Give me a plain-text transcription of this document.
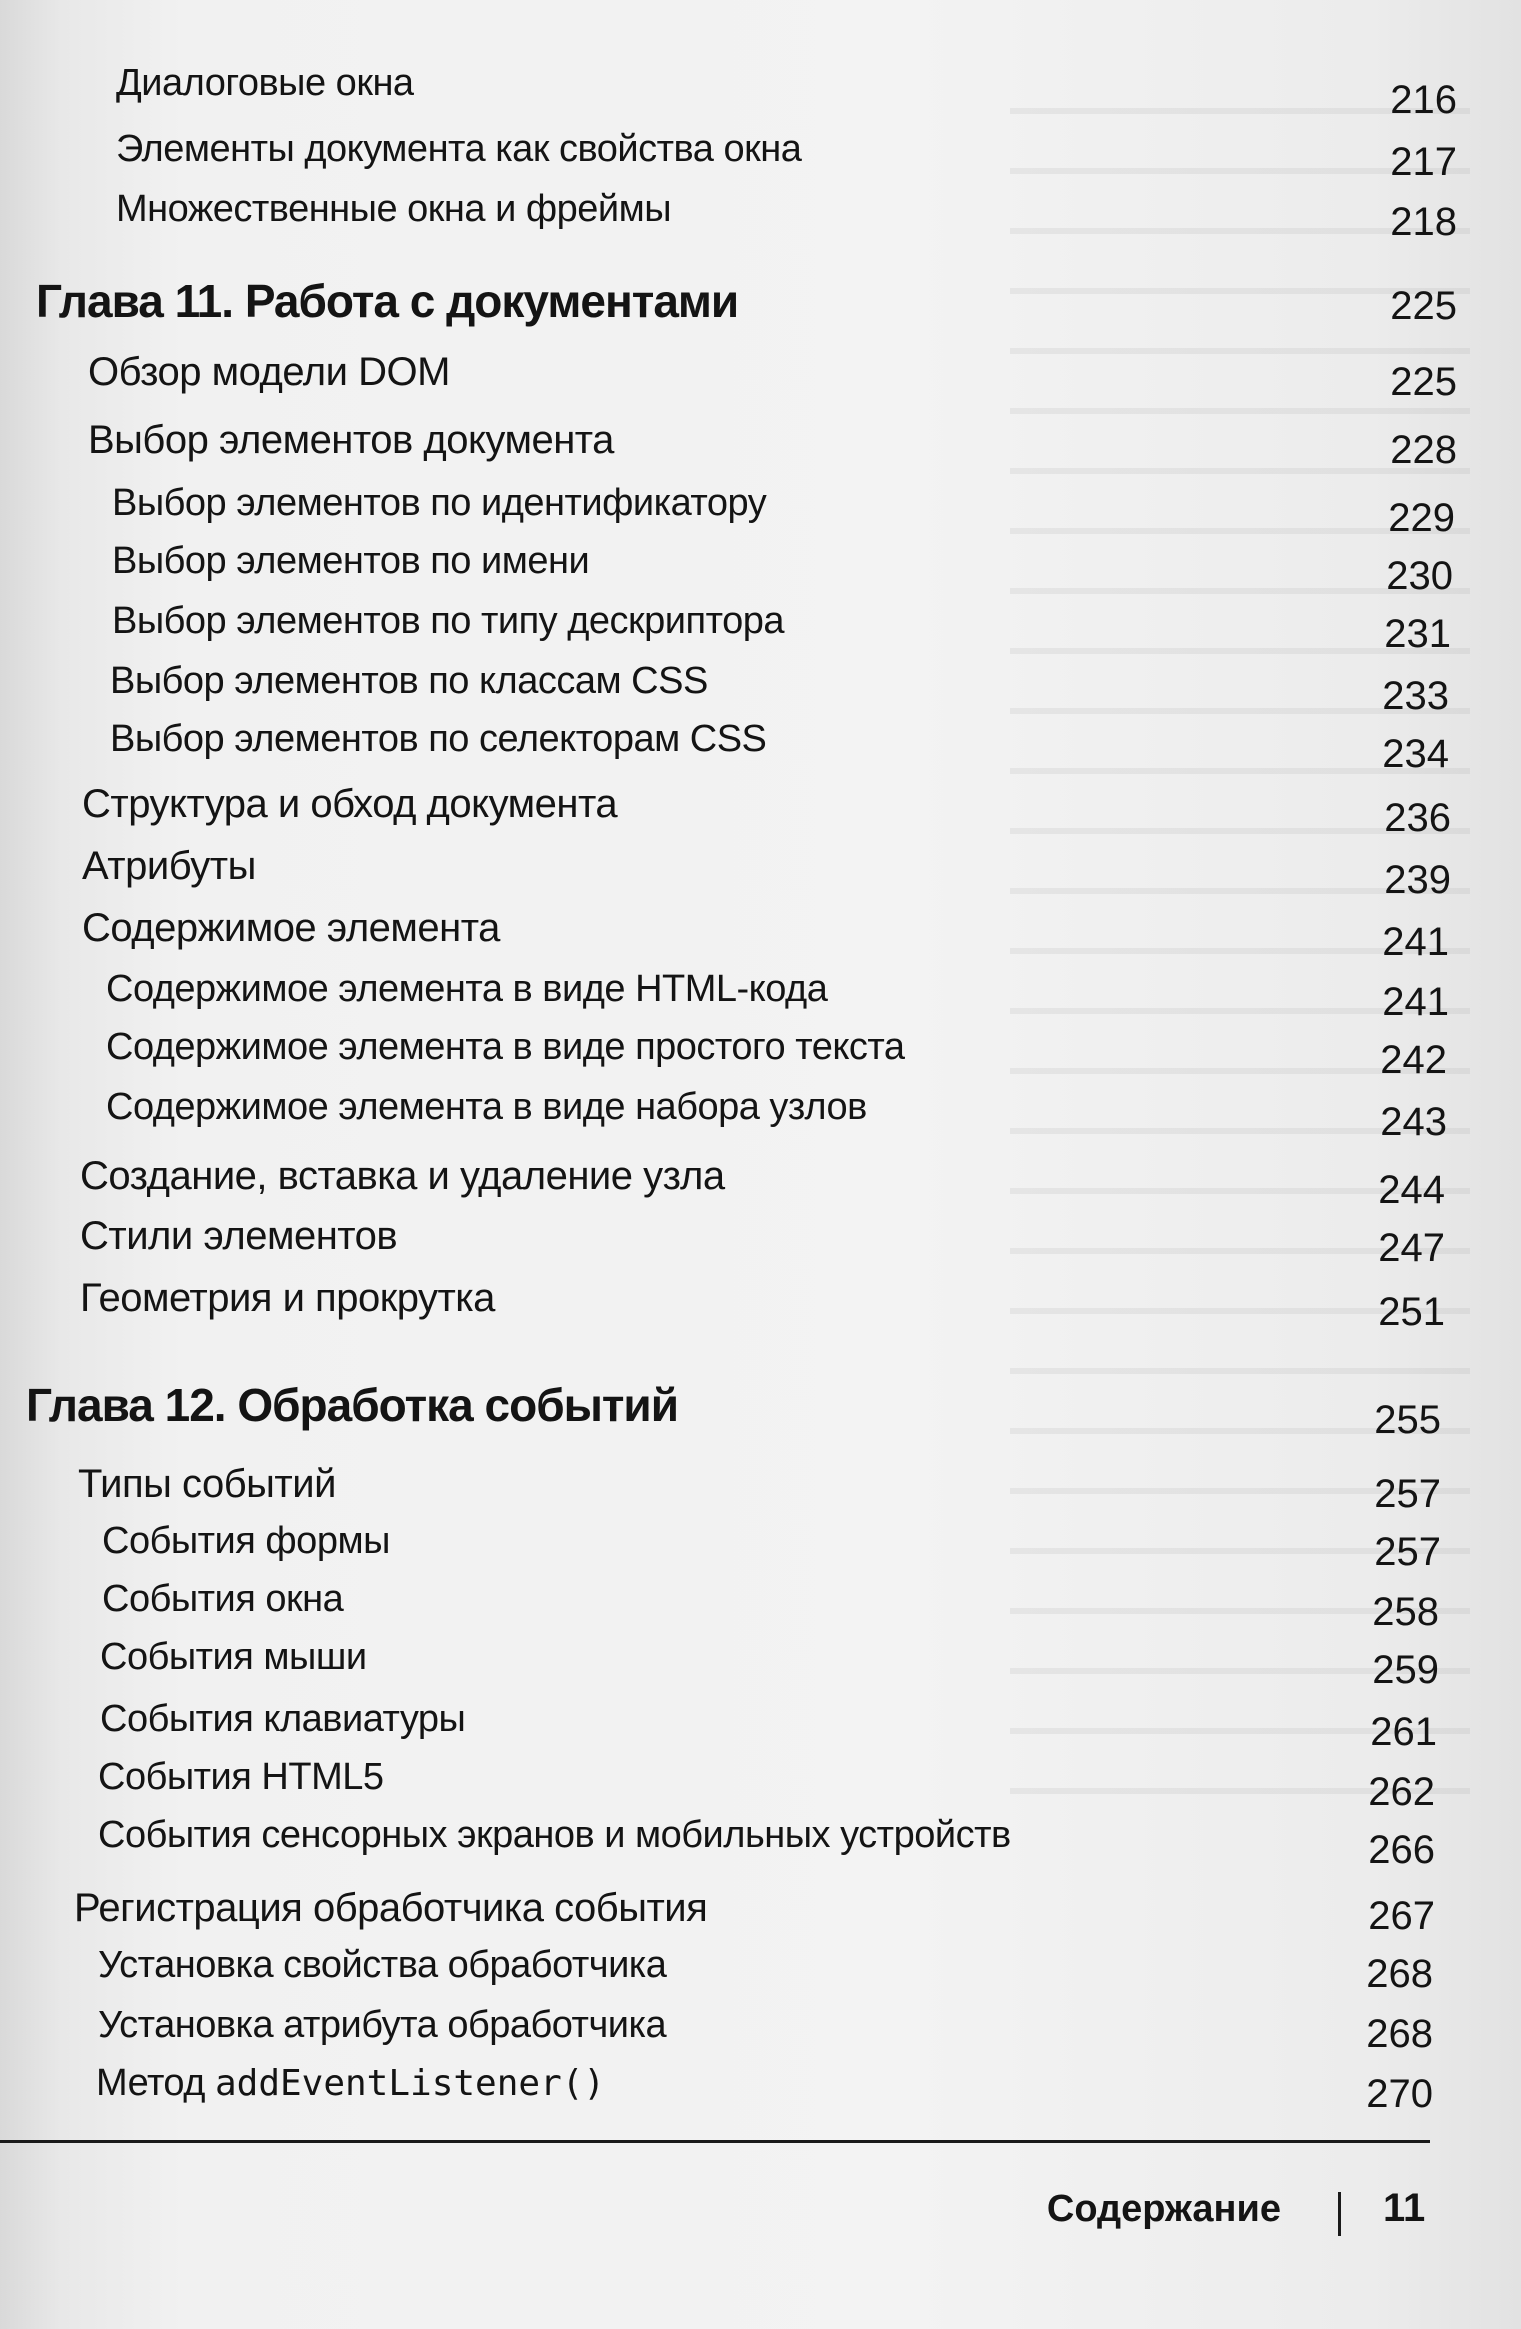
Диалоговые окна	216
Элементы документа как свойства окна	217
Множественные окна и фреймы	218
Глава 11. Работа с документами	225
Обзор модели DOM	225
Выбор элементов документа	228
Выбор элементов по идентификатору	229
Выбор элементов по имени	230
Выбор элементов по типу дескриптора	231
Выбор элементов по классам CSS	233
Выбор элементов по селекторам CSS	234
Структура и обход документа	236
Атрибуты	239
Содержимое элемента	241
Содержимое элемента в виде HTML-кода	241
Содержимое элемента в виде простого текста	242
Содержимое элемента в виде набора узлов	243
Создание, вставка и удаление узла	244
Стили элементов	247
Геометрия и прокрутка	251
Глава 12. Обработка событий	255
Типы событий	257
События формы	257
События окна	258
События мыши	259
События клавиатуры	261
События HTML5	262
События сенсорных экранов и мобильных устройств	266
Регистрация обработчика события	267
Установка свойства обработчика	268
Установка атрибута обработчика	268
Метод addEventListener()	270
Содержание	11
